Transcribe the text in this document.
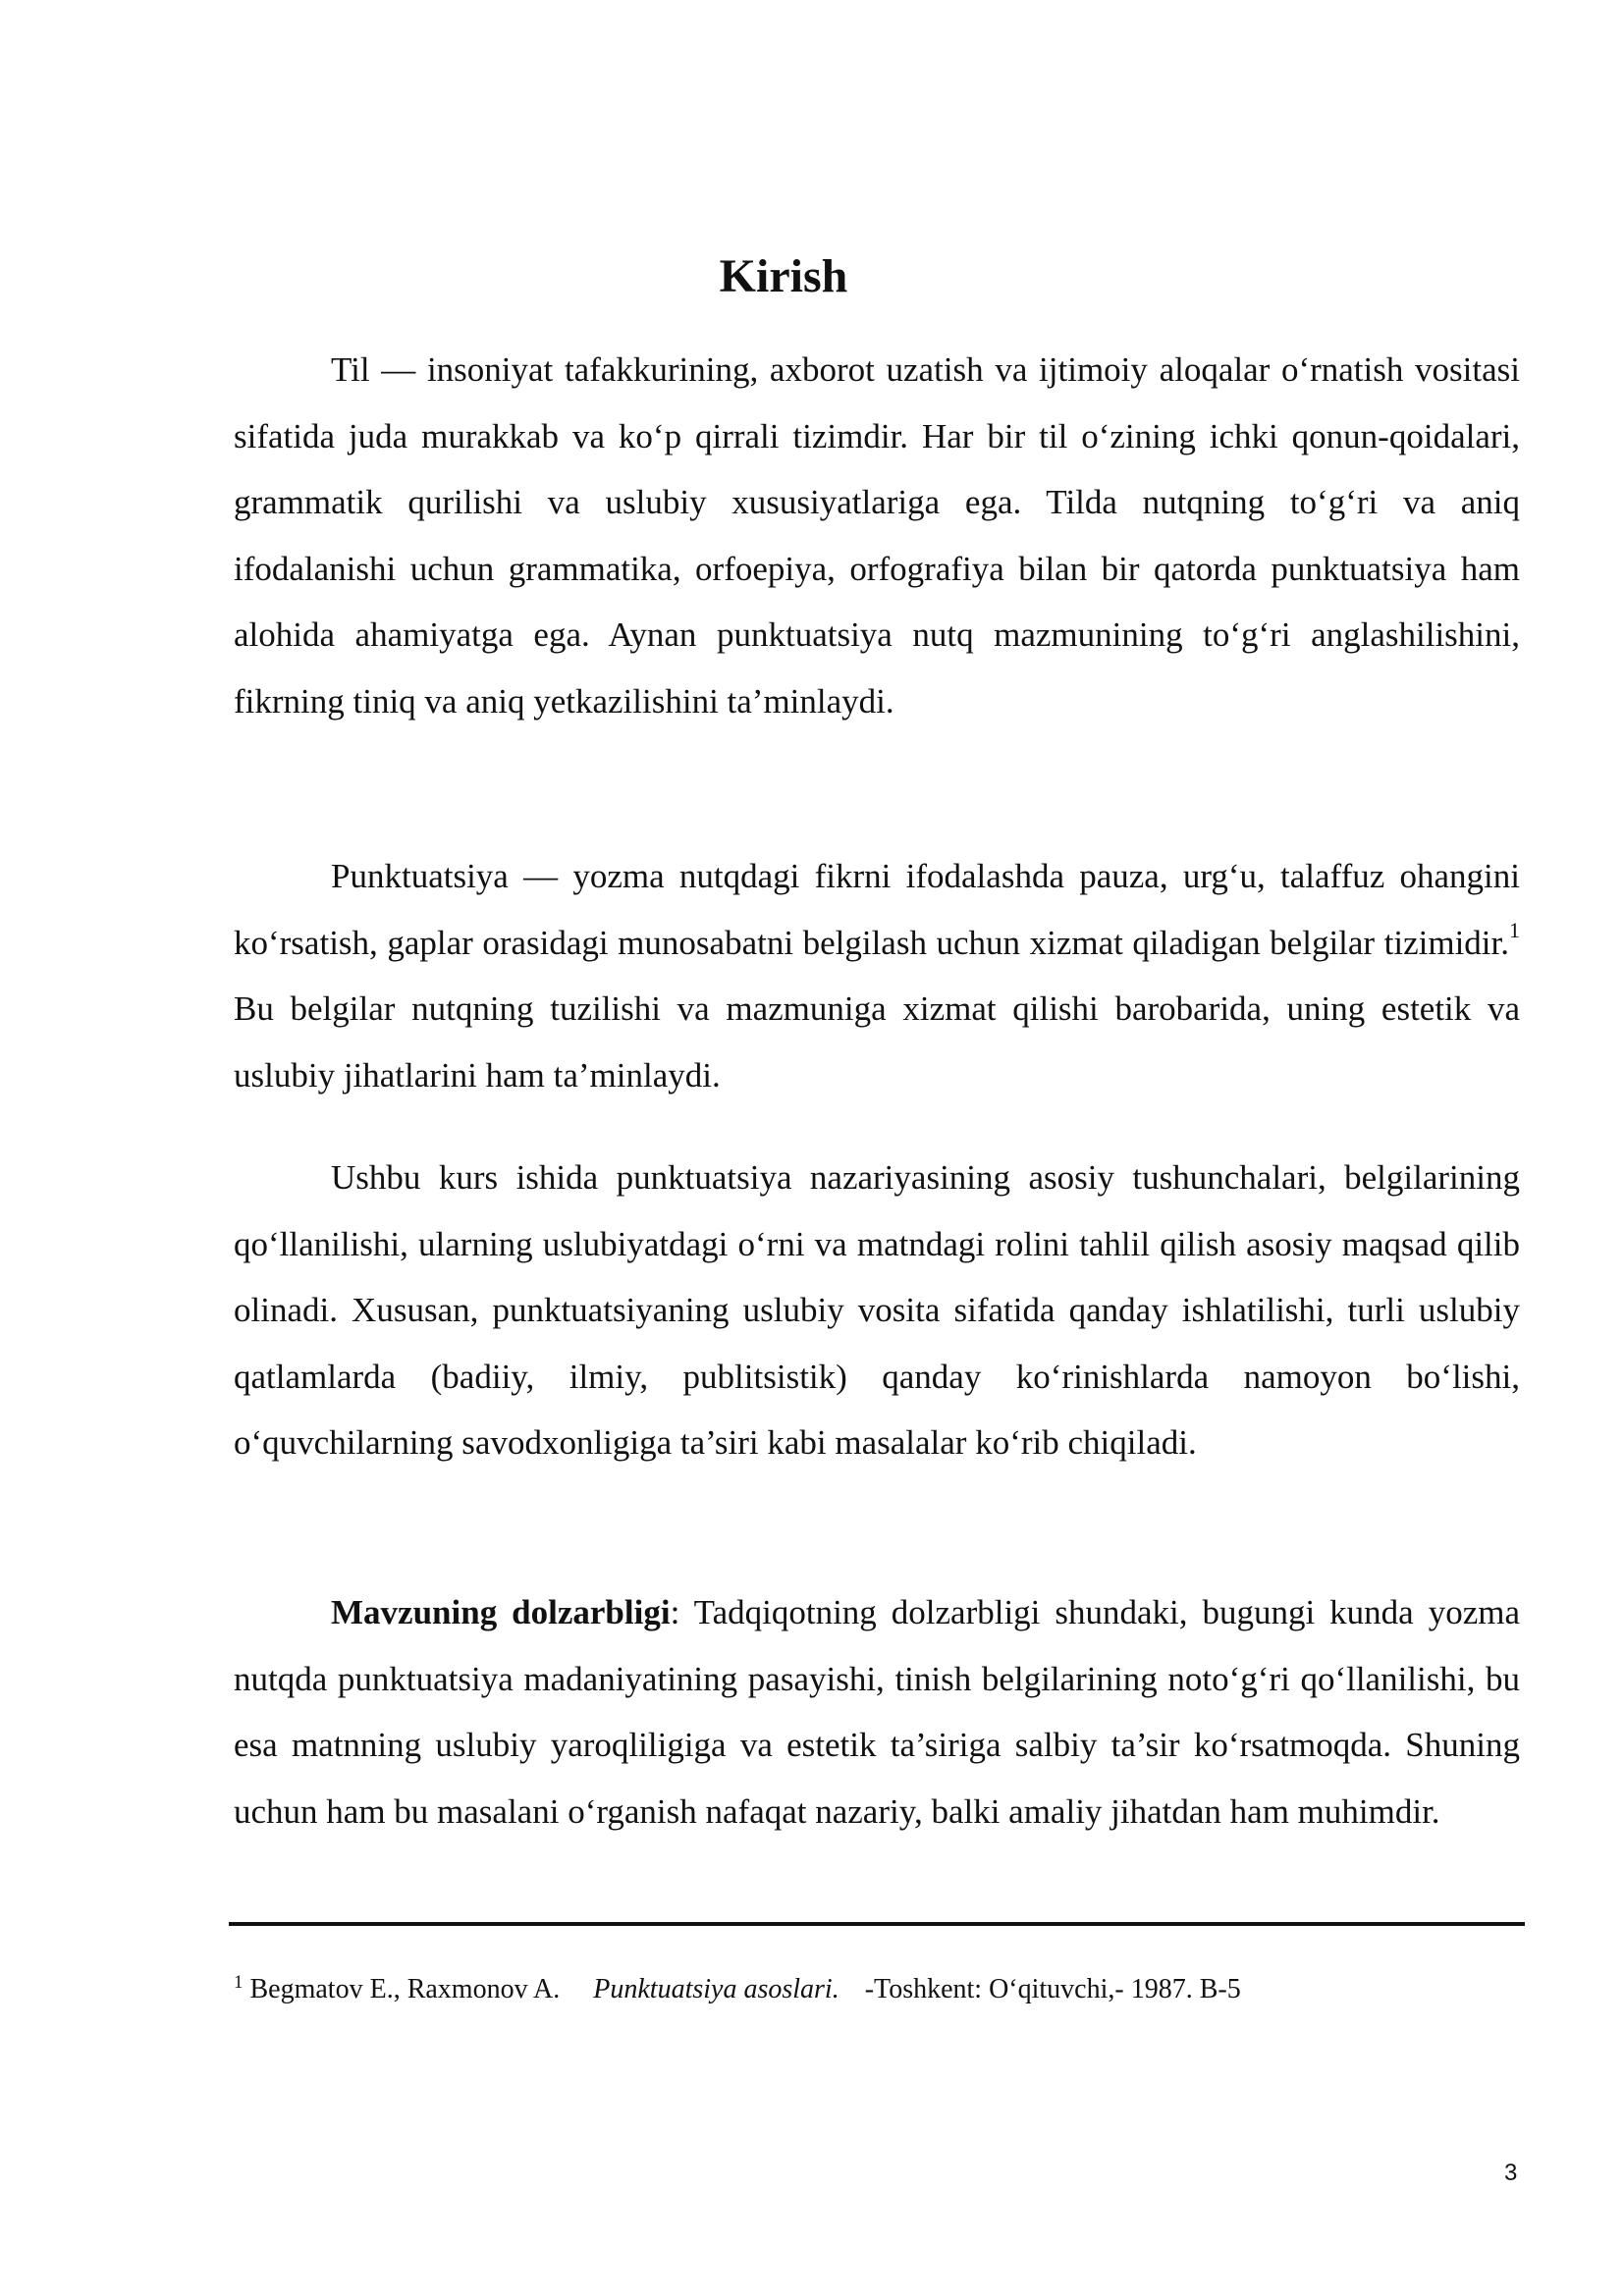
Kirish

Til — insoniyat tafakkurining, axborot uzatish va ijtimoiy aloqalar o‘rnatish vositasi sifatida juda murakkab va ko‘p qirrali tizimdir. Har bir til o‘zining ichki qonun-qoidalari, grammatik qurilishi va uslubiy xususiyatlariga ega. Tilda nutqning to‘g‘ri va aniq ifodalanishi uchun grammatika, orfoepiya, orfografiya bilan bir qatorda punktuatsiya ham alohida ahamiyatga ega. Aynan punktuatsiya nutq mazmunining to‘g‘ri anglashilishini, fikrning tiniq va aniq yetkazilishini ta’minlaydi.

Punktuatsiya — yozma nutqdagi fikrni ifodalashda pauza, urg‘u, talaffuz ohangini ko‘rsatish, gaplar orasidagi munosabatni belgilash uchun xizmat qiladigan belgilar tizimidir.$^1$ Bu belgilar nutqning tuzilishi va mazmuniga xizmat qilishi barobarida, uning estetik va uslubiy jihatlarini ham ta’minlaydi.

Ushbu kurs ishida punktuatsiya nazariyasining asosiy tushunchalari, belgilarining qo‘llanilishi, ularning uslubiyatdagi o‘rni va matndagi rolini tahlil qilish asosiy maqsad qilib olinadi. Xususan, punktuatsiyaning uslubiy vosita sifatida qanday ishlatilishi, turli uslubiy qatlamlarda (badiiy, ilmiy, publitsistik) qanday ko‘rinishlarda namoyon bo‘lishi, o‘quvchilarning savodxonligiga ta’siri kabi masalalar ko‘rib chiqiladi.

Mavzuning dolzarbligi: Tadqiqotning dolzarbligi shundaki, bugungi kunda yozma nutqda punktuatsiya madaniyatining pasayishi, tinish belgilarining noto‘g‘ri qo‘llanilishi, bu esa matnning uslubiy yaroqliligiga va estetik ta’siriga salbiy ta’sir ko‘rsatmoqda. Shuning uchun ham bu masalani o‘rganish nafaqat nazariy, balki amaliy jihatdan ham muhimdir.

$^1$ Begmatov E., Raxmonov A. Punktuatsiya asoslari. -Toshkent: O‘qituvchi,- 1987. B-5
3
